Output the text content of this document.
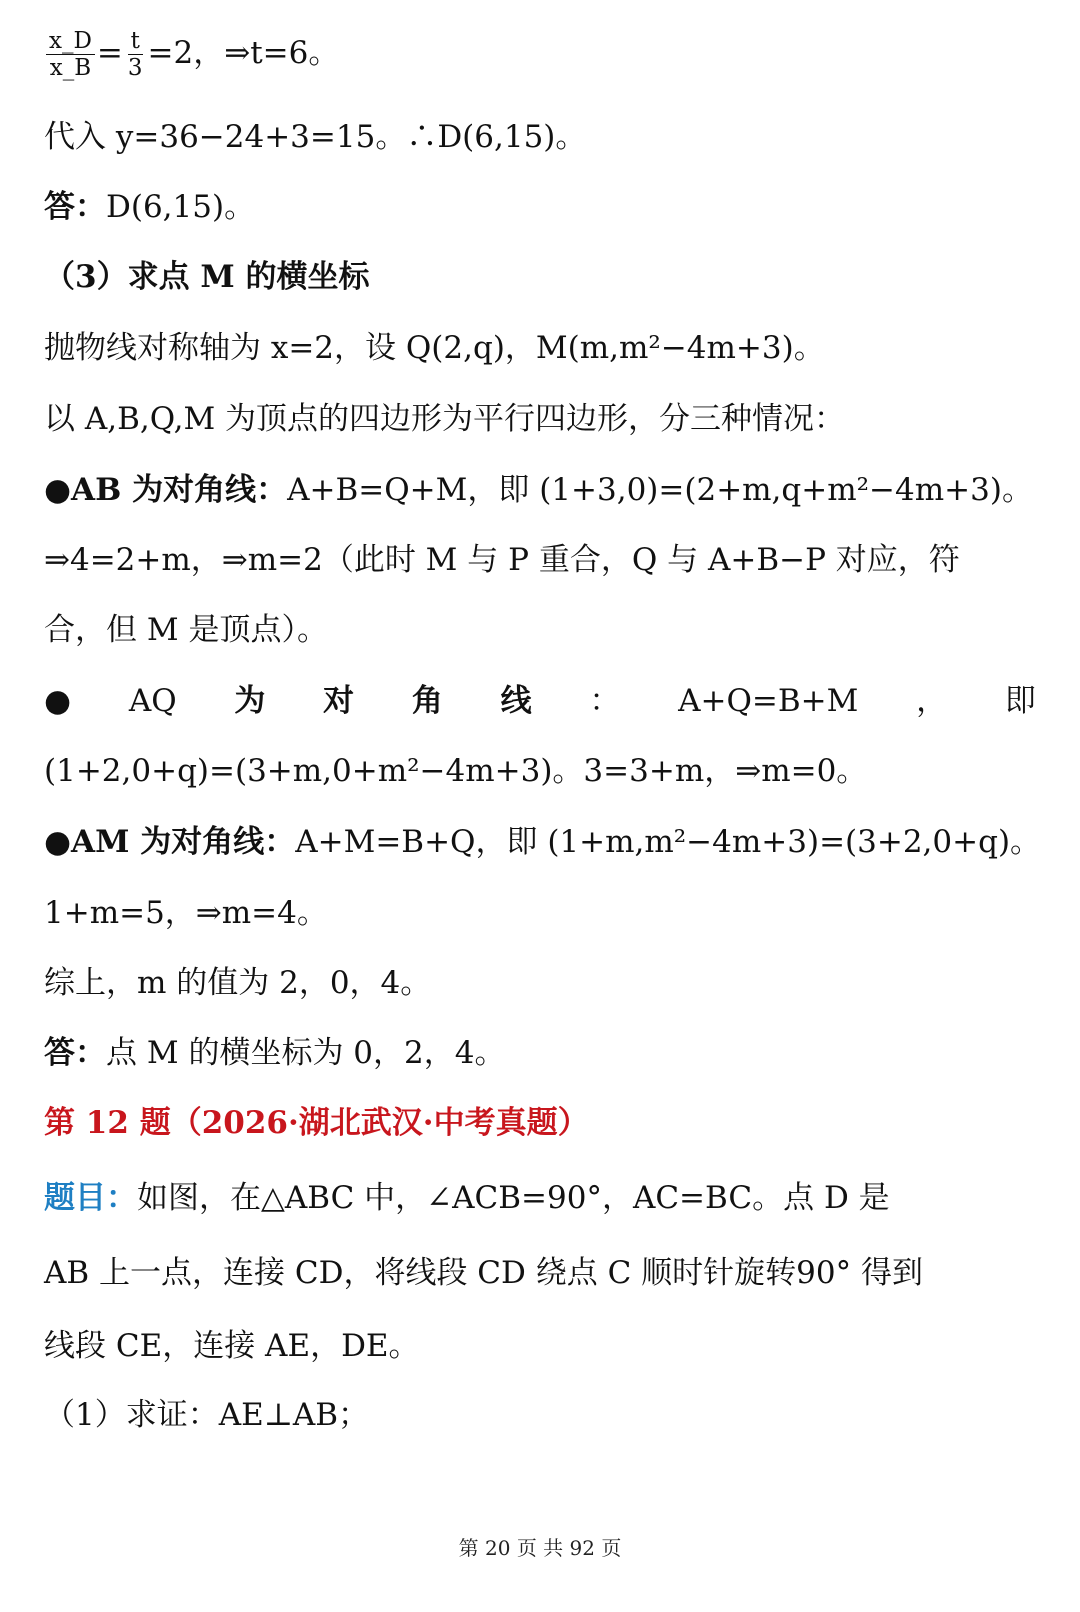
$\frac{x\_D}{x\_B} = \frac{t}{3} =2$，⇒t=6。
代入 y=36−24+3=15。∴D(6,15)。
答：D(6,15)。
（3）求点 M 的横坐标
抛物线对称轴为 x=2，设 Q(2,q)，M(m,m²−4m+3)。
以 A,B,Q,M 为顶点的四边形为平行四边形，分三种情况：
●AB 为对角线：A+B=Q+M，即 (1+3,0)=(2+m,q+m²−4m+3)。
⇒4=2+m，⇒m=2（此时 M 与 P 重合，Q 与 A+B−P 对应，符
合，但 M 是顶点）。
● AQ 为 对 角 线 ： A+Q=B+M ， 即
(1+2,0+q)=(3+m,0+m²−4m+3)。3=3+m，⇒m=0。
●AM 为对角线：A+M=B+Q，即 (1+m,m²−4m+3)=(3+2,0+q)。
1+m=5，⇒m=4。
综上，m 的值为 2，0，4。
答：点 M 的横坐标为 0，2，4。
第 12 题（2026·湖北武汉·中考真题）
题目：如图，在△ABC 中，∠ACB=90°，AC=BC。点 D 是
AB 上一点，连接 CD，将线段 CD 绕点 C 顺时针旋转90° 得到
线段 CE，连接 AE，DE。
（1）求证：AE⊥AB；
第 20 页 共 92 页
